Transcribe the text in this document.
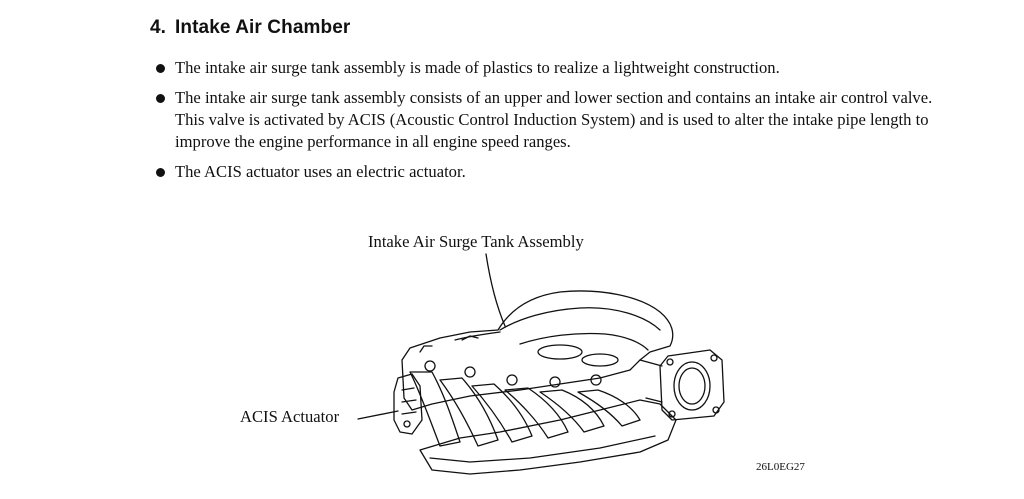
4. Intake Air Chamber
The intake air surge tank assembly is made of plastics to realize a lightweight construction.
The intake air surge tank assembly consists of an upper and lower section and contains an intake air control valve. This valve is activated by ACIS (Acoustic Control Induction System) and is used to alter the intake pipe length to improve the engine performance in all engine speed ranges.
The ACIS actuator uses an electric actuator.
Intake Air Surge Tank Assembly
ACIS Actuator
26L0EG27
